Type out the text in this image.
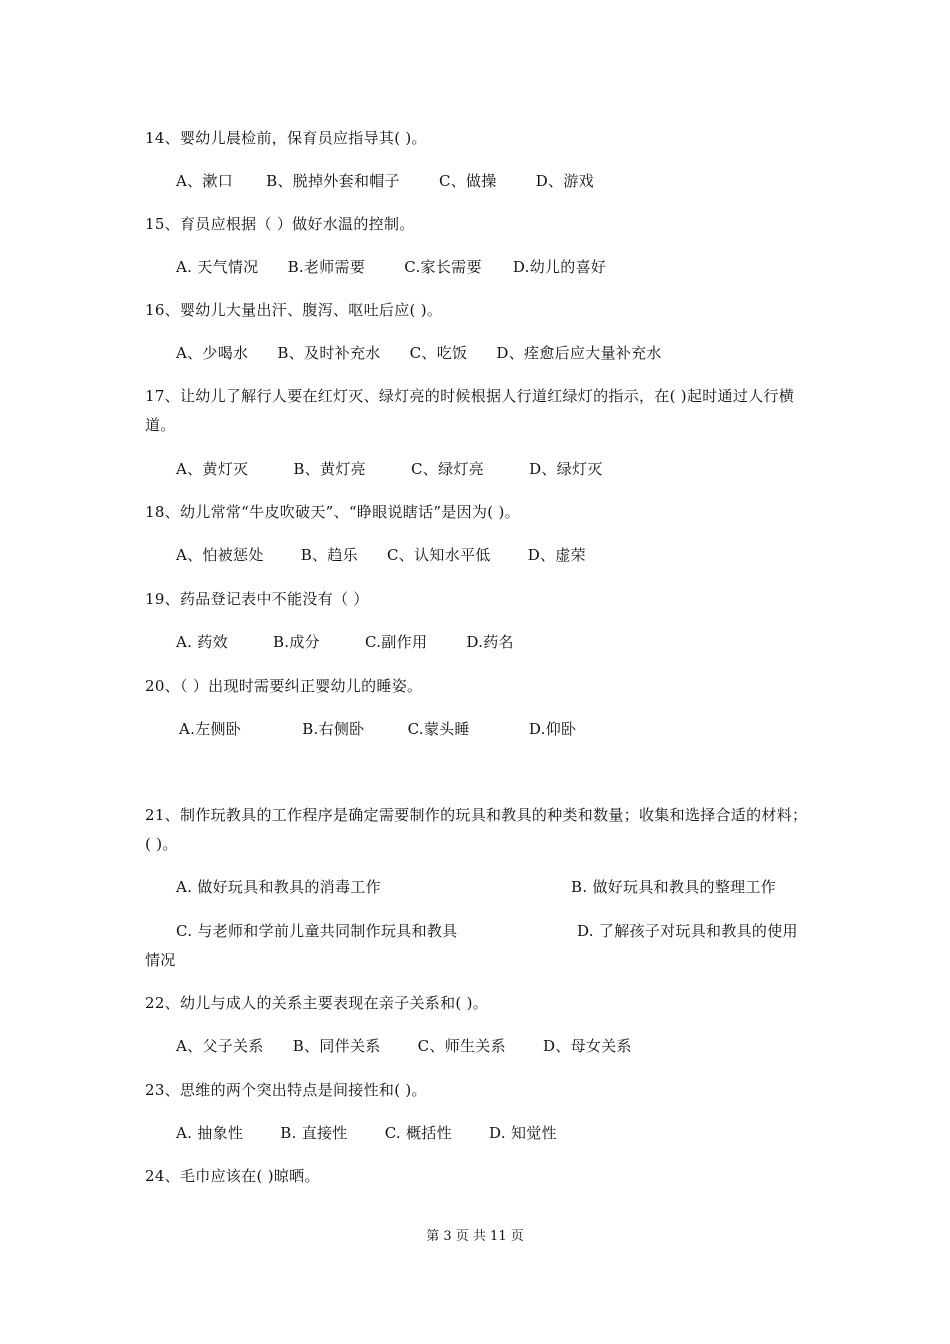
14、婴幼儿晨检前，保育员应指导其( )。
A、漱口 B、脱掉外套和帽子	C、做操	D、游戏
15、育员应根据（ ）做好水温的控制。
A. 天气情况 B.老师需要	C.家长需要 D.幼儿的喜好
16、婴幼儿大量出汗、腹泻、呕吐后应( )。
A、少喝水 B、及时补充水 C、吃饭 D、痊愈后应大量补充水
17、让幼儿了解行人要在红灯灭、绿灯亮的时候根据人行道红绿灯的指示，在( )起时通过人行横道。
A、黄灯灭	B、黄灯亮	C、绿灯亮	D、绿灯灭
18、幼儿常常“牛皮吹破天”、“睁眼说瞎话”是因为( )。
A、怕被惩处 B、趋乐 C、认知水平低 D、虚荣
19、药品登记表中不能没有（ ）
A. 药效	B.成分	C.副作用	D.药名
20、（ ）出现时需要纠正婴幼儿的睡姿。
A.左侧卧	B.右侧卧	C.蒙头睡	D.仰卧
21、制作玩教具的工作程序是确定需要制作的玩具和教具的种类和数量；收集和选择合适的材料；( )。
A. 做好玩具和教具的消毒工作	B. 做好玩具和教具的整理工作
C. 与老师和学前儿童共同制作玩具和教具	D. 了解孩子对玩具和教具的使用情况
22、幼儿与成人的关系主要表现在亲子关系和( )。
A、父子关系 B、同伴关系 C、师生关系 D、母女关系
23、思维的两个突出特点是间接性和( )。
A. 抽象性 B. 直接性 C. 概括性 D. 知觉性
24、毛巾应该在( )晾晒。
第 3 页 共 11 页
